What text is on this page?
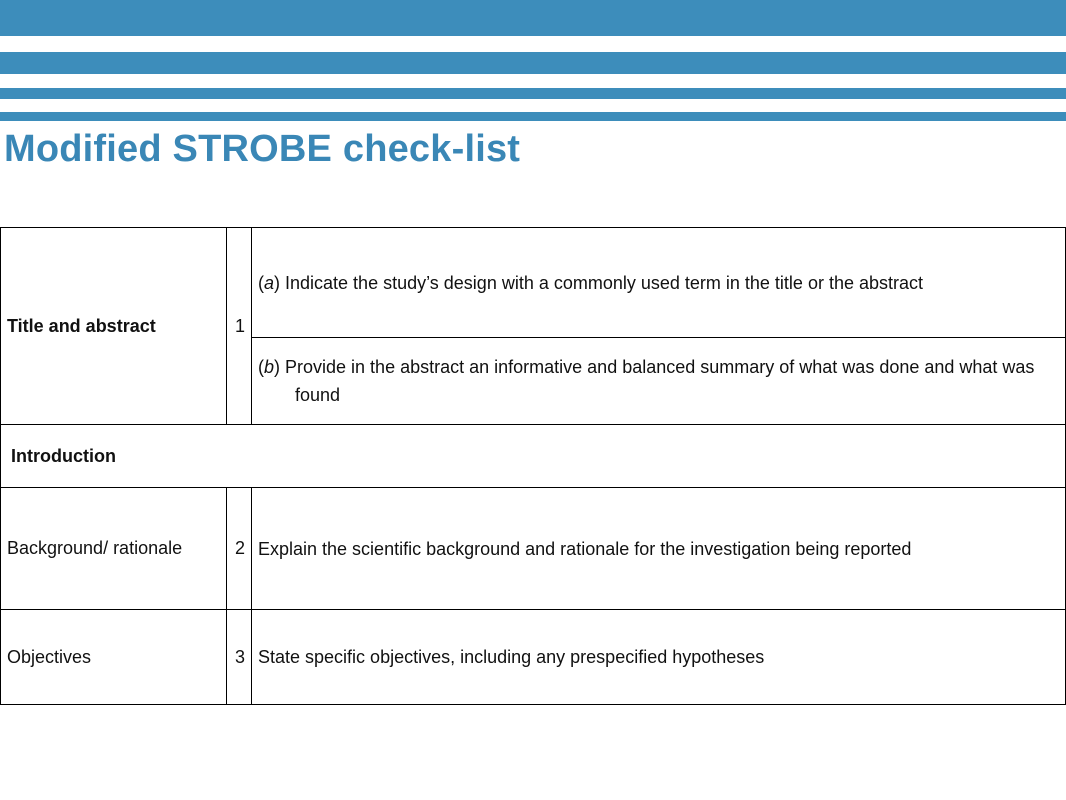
Modified STROBE check-list
Title and abstract	1	(a) Indicate the study’s design with a commonly used term in the title or the abstract

		(b) Provide in the abstract an informative and balanced summary of what was done and what was found

Introduction		
Background/ rationale	2	Explain the scientific background and rationale for the investigation being reported

Objectives	3	State specific objectives, including any prespecified hypotheses
